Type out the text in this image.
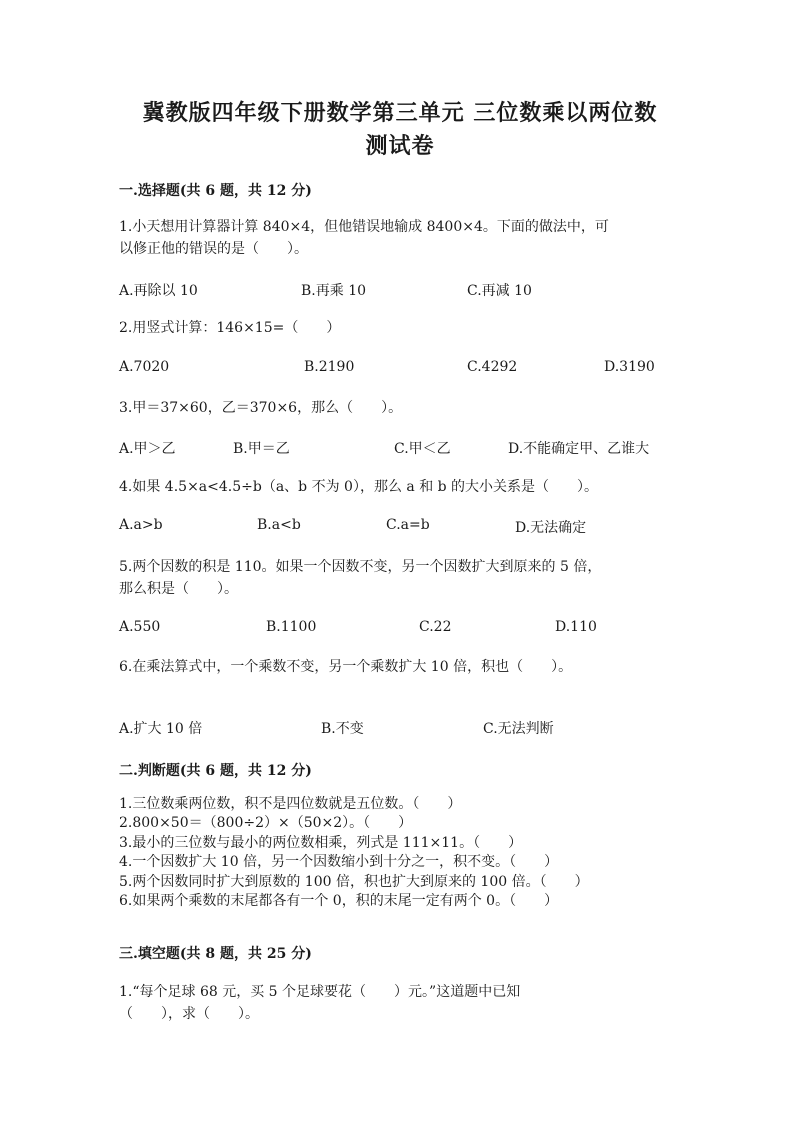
冀教版四年级下册数学第三单元 三位数乘以两位数
测试卷
一.选择题(共 6 题，共 12 分)
1.小天想用计算器计算 840×4，但他错误地输成 8400×4。下面的做法中，可
以修正他的错误的是（　　）。
A.再除以 10	B.再乘 10	C.再减 10
2.用竖式计算：146×15=（　　）
A.7020	B.2190	C.4292	D.3190
3.甲＝37×60，乙＝370×6，那么（　　）。
A.甲＞乙	B.甲＝乙	C.甲＜乙	D.不能确定甲、乙谁大
4.如果 4.5×a<4.5÷b（a、b 不为 0），那么 a 和 b 的大小关系是（　　）。
A.a>b	B.a<b	C.a=b	D.无法确定
5.两个因数的积是 110。如果一个因数不变，另一个因数扩大到原来的 5 倍，
那么积是（　　）。
A.550	B.1100	C.22	D.110
6.在乘法算式中，一个乘数不变，另一个乘数扩大 10 倍，积也（　　）。
A.扩大 10 倍	B.不变	C.无法判断
二.判断题(共 6 题，共 12 分)
1.三位数乘两位数，积不是四位数就是五位数。（　　）
2.800×50＝（800÷2）×（50×2）。（　　）
3.最小的三位数与最小的两位数相乘，列式是 111×11。（　　）
4.一个因数扩大 10 倍，另一个因数缩小到十分之一，积不变。（　　）
5.两个因数同时扩大到原数的 100 倍，积也扩大到原来的 100 倍。（　　）
6.如果两个乘数的末尾都各有一个 0，积的末尾一定有两个 0。（　　）
三.填空题(共 8 题，共 25 分)
1.“每个足球 68 元，买 5 个足球要花（　　）元。”这道题中已知
（　　），求（　　）。
